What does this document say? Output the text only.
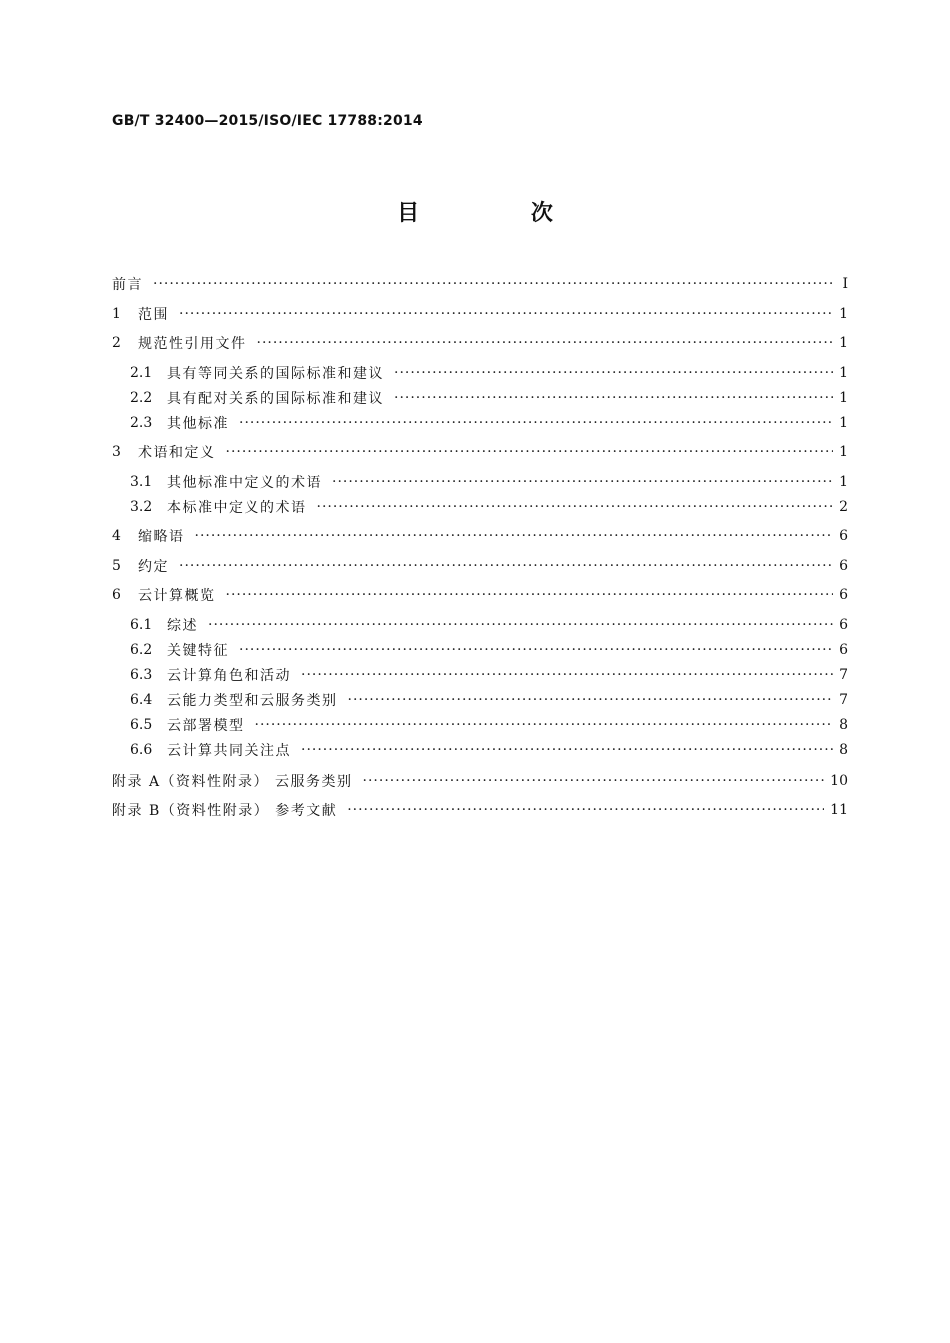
GB/T 32400—2015/ISO/IEC 17788:2014
目 次
前言 ·····	Ⅰ
1	范围 ·····	1
2	规范性引用文件 ·····	1
2.1	具有等同关系的国际标准和建议 ·····	1
2.2	具有配对关系的国际标准和建议 ·····	1
2.3	其他标准 ·····	1
3	术语和定义 ·····	1
3.1	其他标准中定义的术语 ·····	1
3.2	本标准中定义的术语 ·····	2
4	缩略语 ·····	6
5	约定 ·····	6
6	云计算概览 ·····	6
6.1	综述 ·····	6
6.2	关键特征 ·····	6
6.3	云计算角色和活动 ·····	7
6.4	云能力类型和云服务类别 ·····	7
6.5	云部署模型 ·····	8
6.6	云计算共同关注点 ·····	8
附录 A（资料性附录） 云服务类别 ·····	10
附录 B（资料性附录） 参考文献 ·····	11
